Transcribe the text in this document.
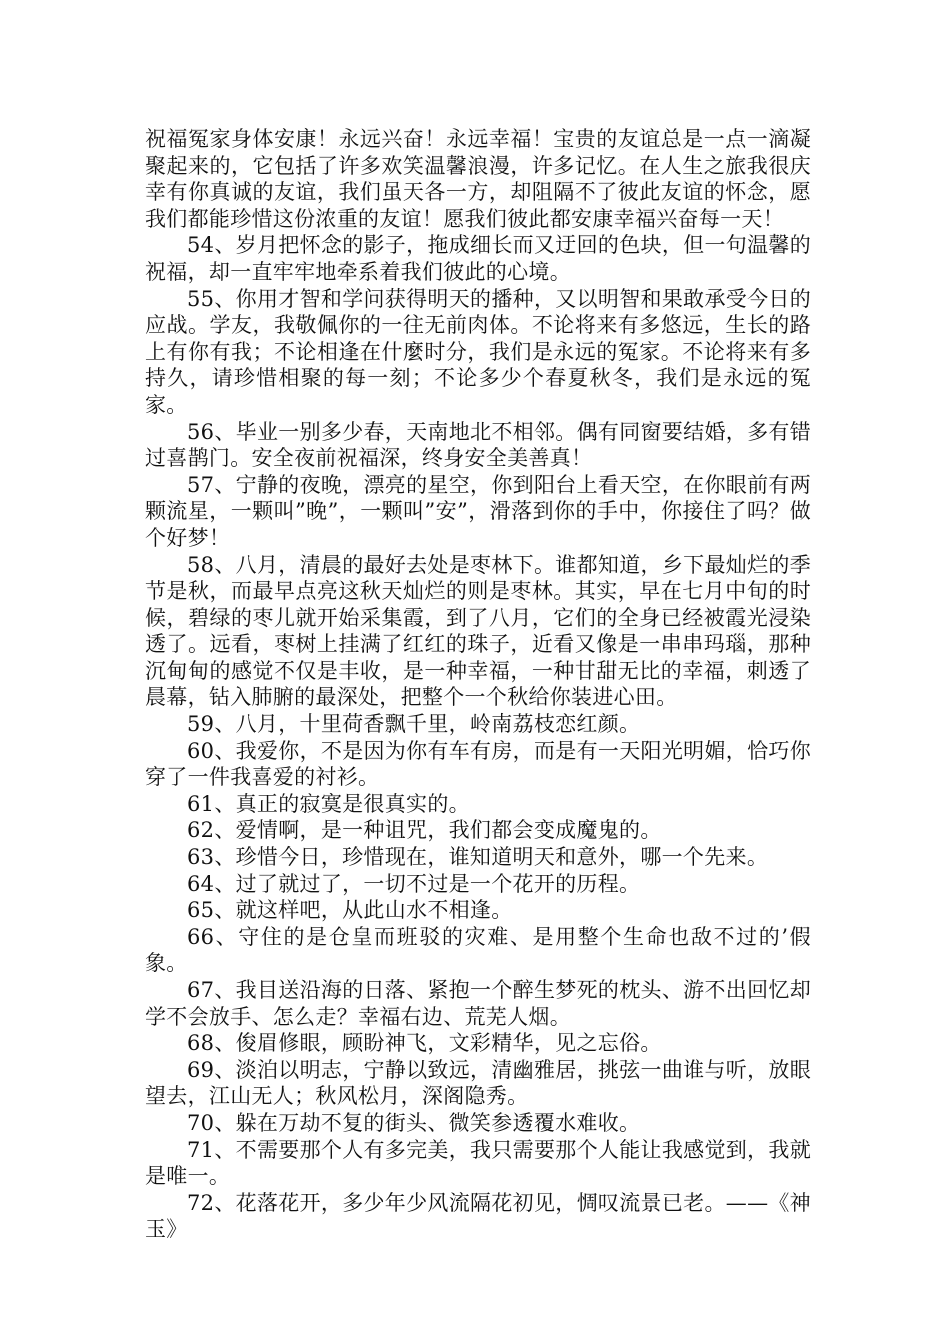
祝福冤家身体安康！永远兴奋！永远幸福！宝贵的友谊总是一点一滴凝聚起来的，它包括了许多欢笑温馨浪漫，许多记忆。在人生之旅我很庆幸有你真诚的友谊，我们虽天各一方，却阻隔不了彼此友谊的怀念，愿我们都能珍惜这份浓重的友谊！愿我们彼此都安康幸福兴奋每一天！

54、岁月把怀念的影子，拖成细长而又迂回的色块，但一句温馨的祝福，却一直牢牢地牵系着我们彼此的心境。

55、你用才智和学问获得明天的播种，又以明智和果敢承受今日的应战。学友，我敬佩你的一往无前肉体。不论将来有多悠远，生长的路上有你有我；不论相逢在什麼时分，我们是永远的冤家。不论将来有多持久，请珍惜相聚的每一刻；不论多少个春夏秋冬，我们是永远的冤家。

56、毕业一别多少春，天南地北不相邻。偶有同窗要结婚，多有错过喜鹊门。安全夜前祝福深，终身安全美善真！

57、宁静的夜晚，漂亮的星空，你到阳台上看天空，在你眼前有两颗流星，一颗叫”晚”，一颗叫”安”，滑落到你的手中，你接住了吗？做个好梦！

58、八月，清晨的最好去处是枣林下。谁都知道，乡下最灿烂的季节是秋，而最早点亮这秋天灿烂的则是枣林。其实，早在七月中旬的时候，碧绿的枣儿就开始采集霞，到了八月，它们的全身已经被霞光浸染透了。远看，枣树上挂满了红红的珠子，近看又像是一串串玛瑙，那种沉甸甸的感觉不仅是丰收，是一种幸福，一种甘甜无比的幸福，刺透了晨幕，钻入肺腑的最深处，把整个一个秋给你装进心田。

59、八月，十里荷香飘千里，岭南荔枝恋红颜。

60、我爱你，不是因为你有车有房，而是有一天阳光明媚，恰巧你穿了一件我喜爱的衬衫。

61、真正的寂寞是很真实的。

62、爱情啊，是一种诅咒，我们都会变成魔鬼的。

63、珍惜今日，珍惜现在，谁知道明天和意外，哪一个先来。

64、过了就过了，一切不过是一个花开的历程。

65、就这样吧，从此山水不相逢。

66、守住的是仓皇而班驳的灾难、是用整个生命也敌不过的’假象。

67、我目送沿海的日落、紧抱一个醉生梦死的枕头、游不出回忆却学不会放手、怎么走？幸福右边、荒芜人烟。

68、俊眉修眼，顾盼神飞，文彩精华，见之忘俗。

69、淡泊以明志，宁静以致远，清幽雅居，挑弦一曲谁与听，放眼望去，江山无人；秋风松月，深阁隐秀。

70、躲在万劫不复的街头、微笑参透覆水难收。

71、不需要那个人有多完美，我只需要那个人能让我感觉到，我就是唯一。

72、花落花开，多少年少风流隔花初见，惆叹流景已老。——《神玉》
